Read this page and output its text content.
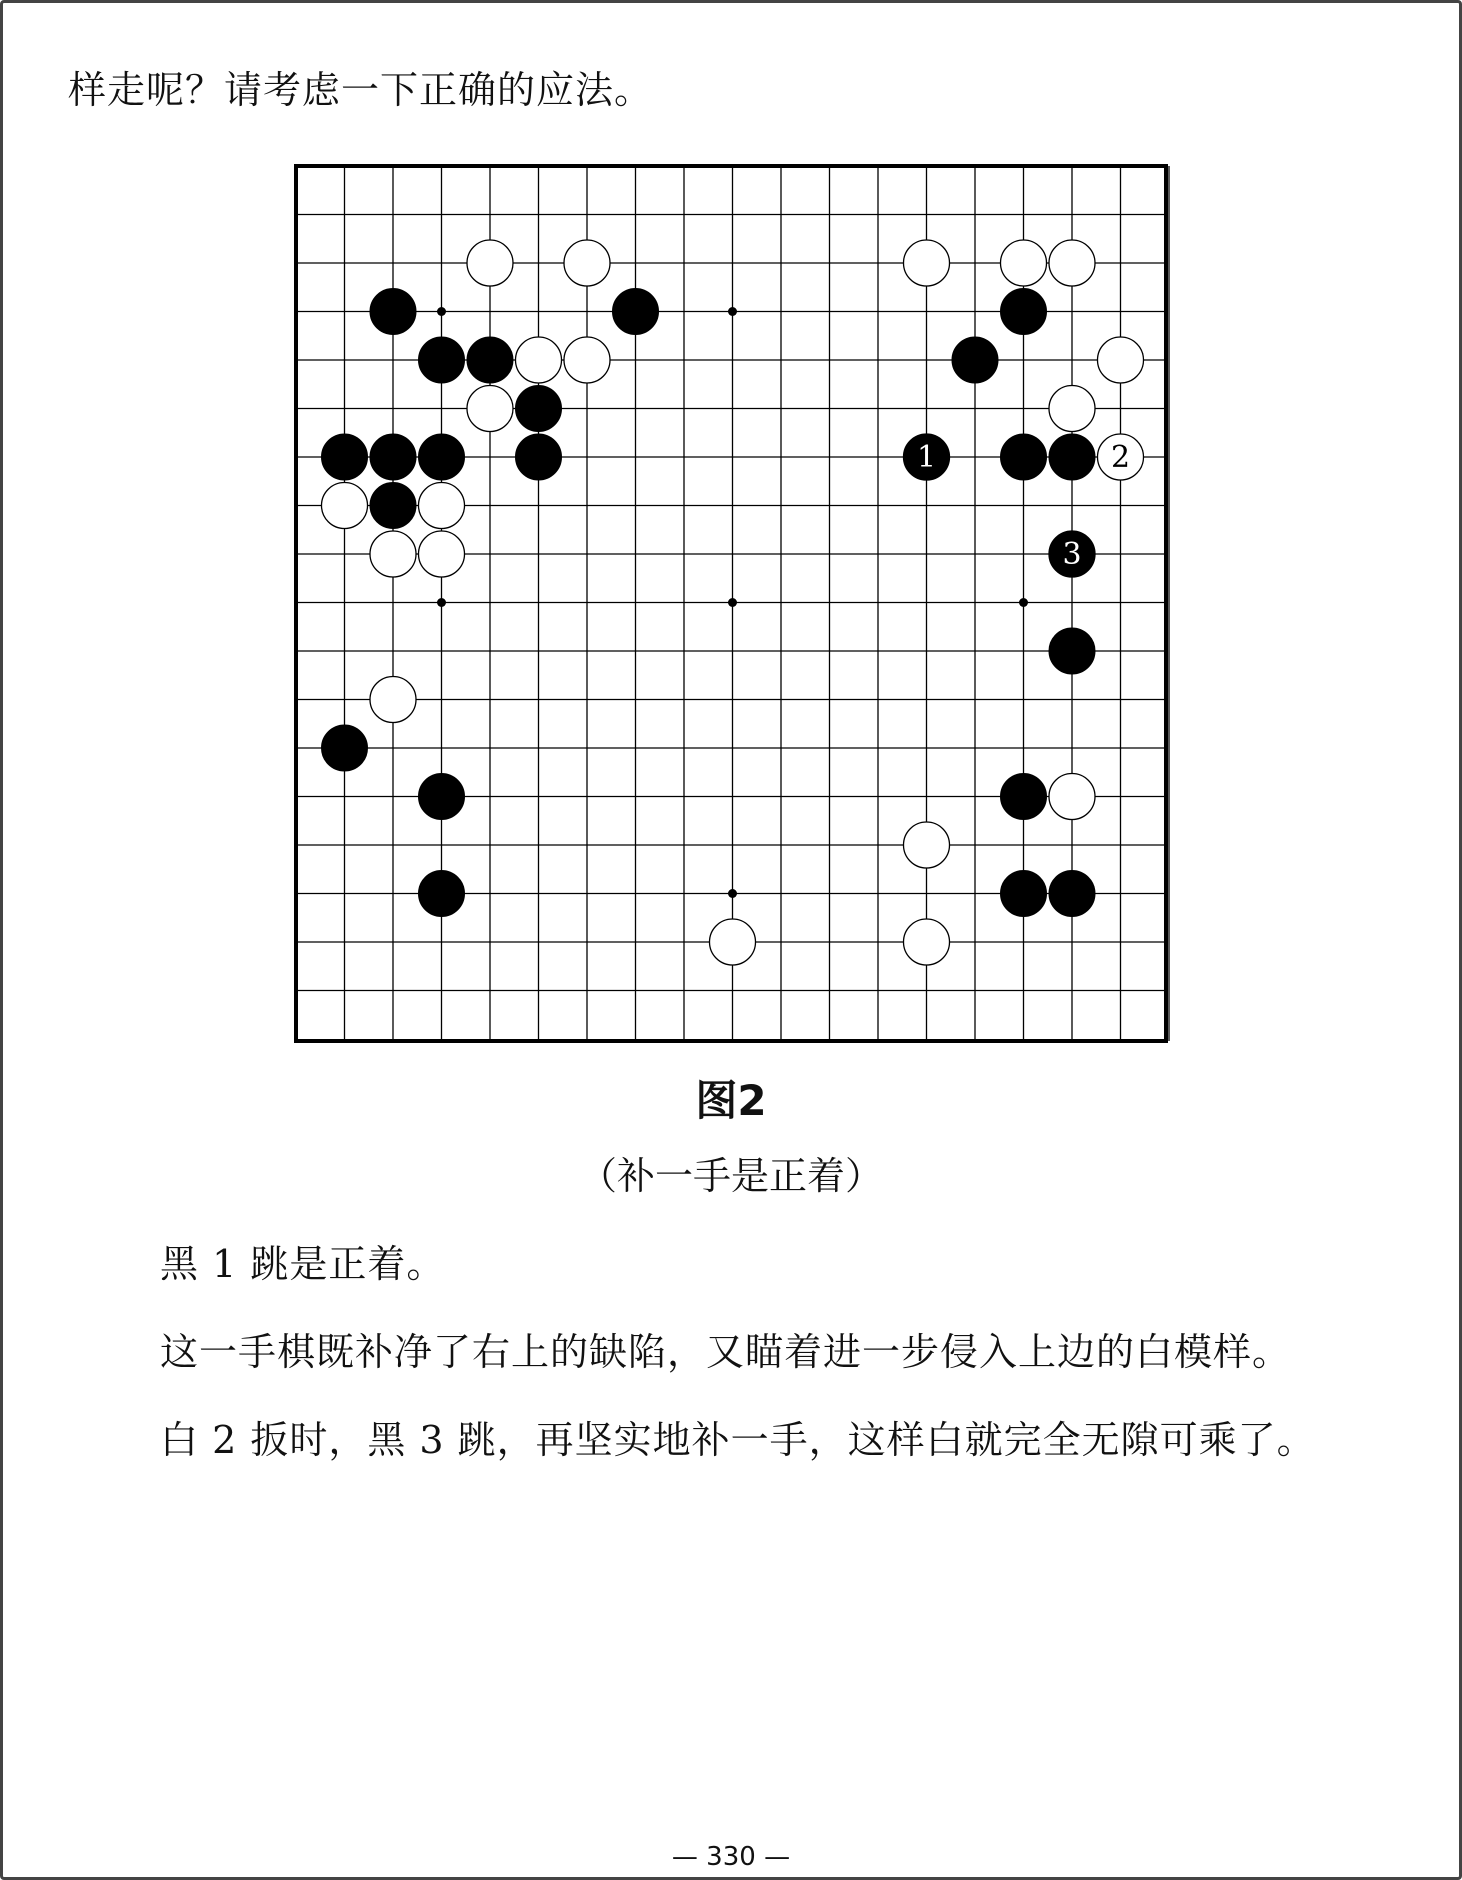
样走呢？请考虑一下正确的应法。
1	2
3
图2
（补一手是正着）
黑 1 跳是正着。
这一手棋既补净了右上的缺陷，又瞄着进一步侵入上边的白模样。
白 2 扳时，黑 3 跳，再坚实地补一手，这样白就完全无隙可乘了。
— 330 —
